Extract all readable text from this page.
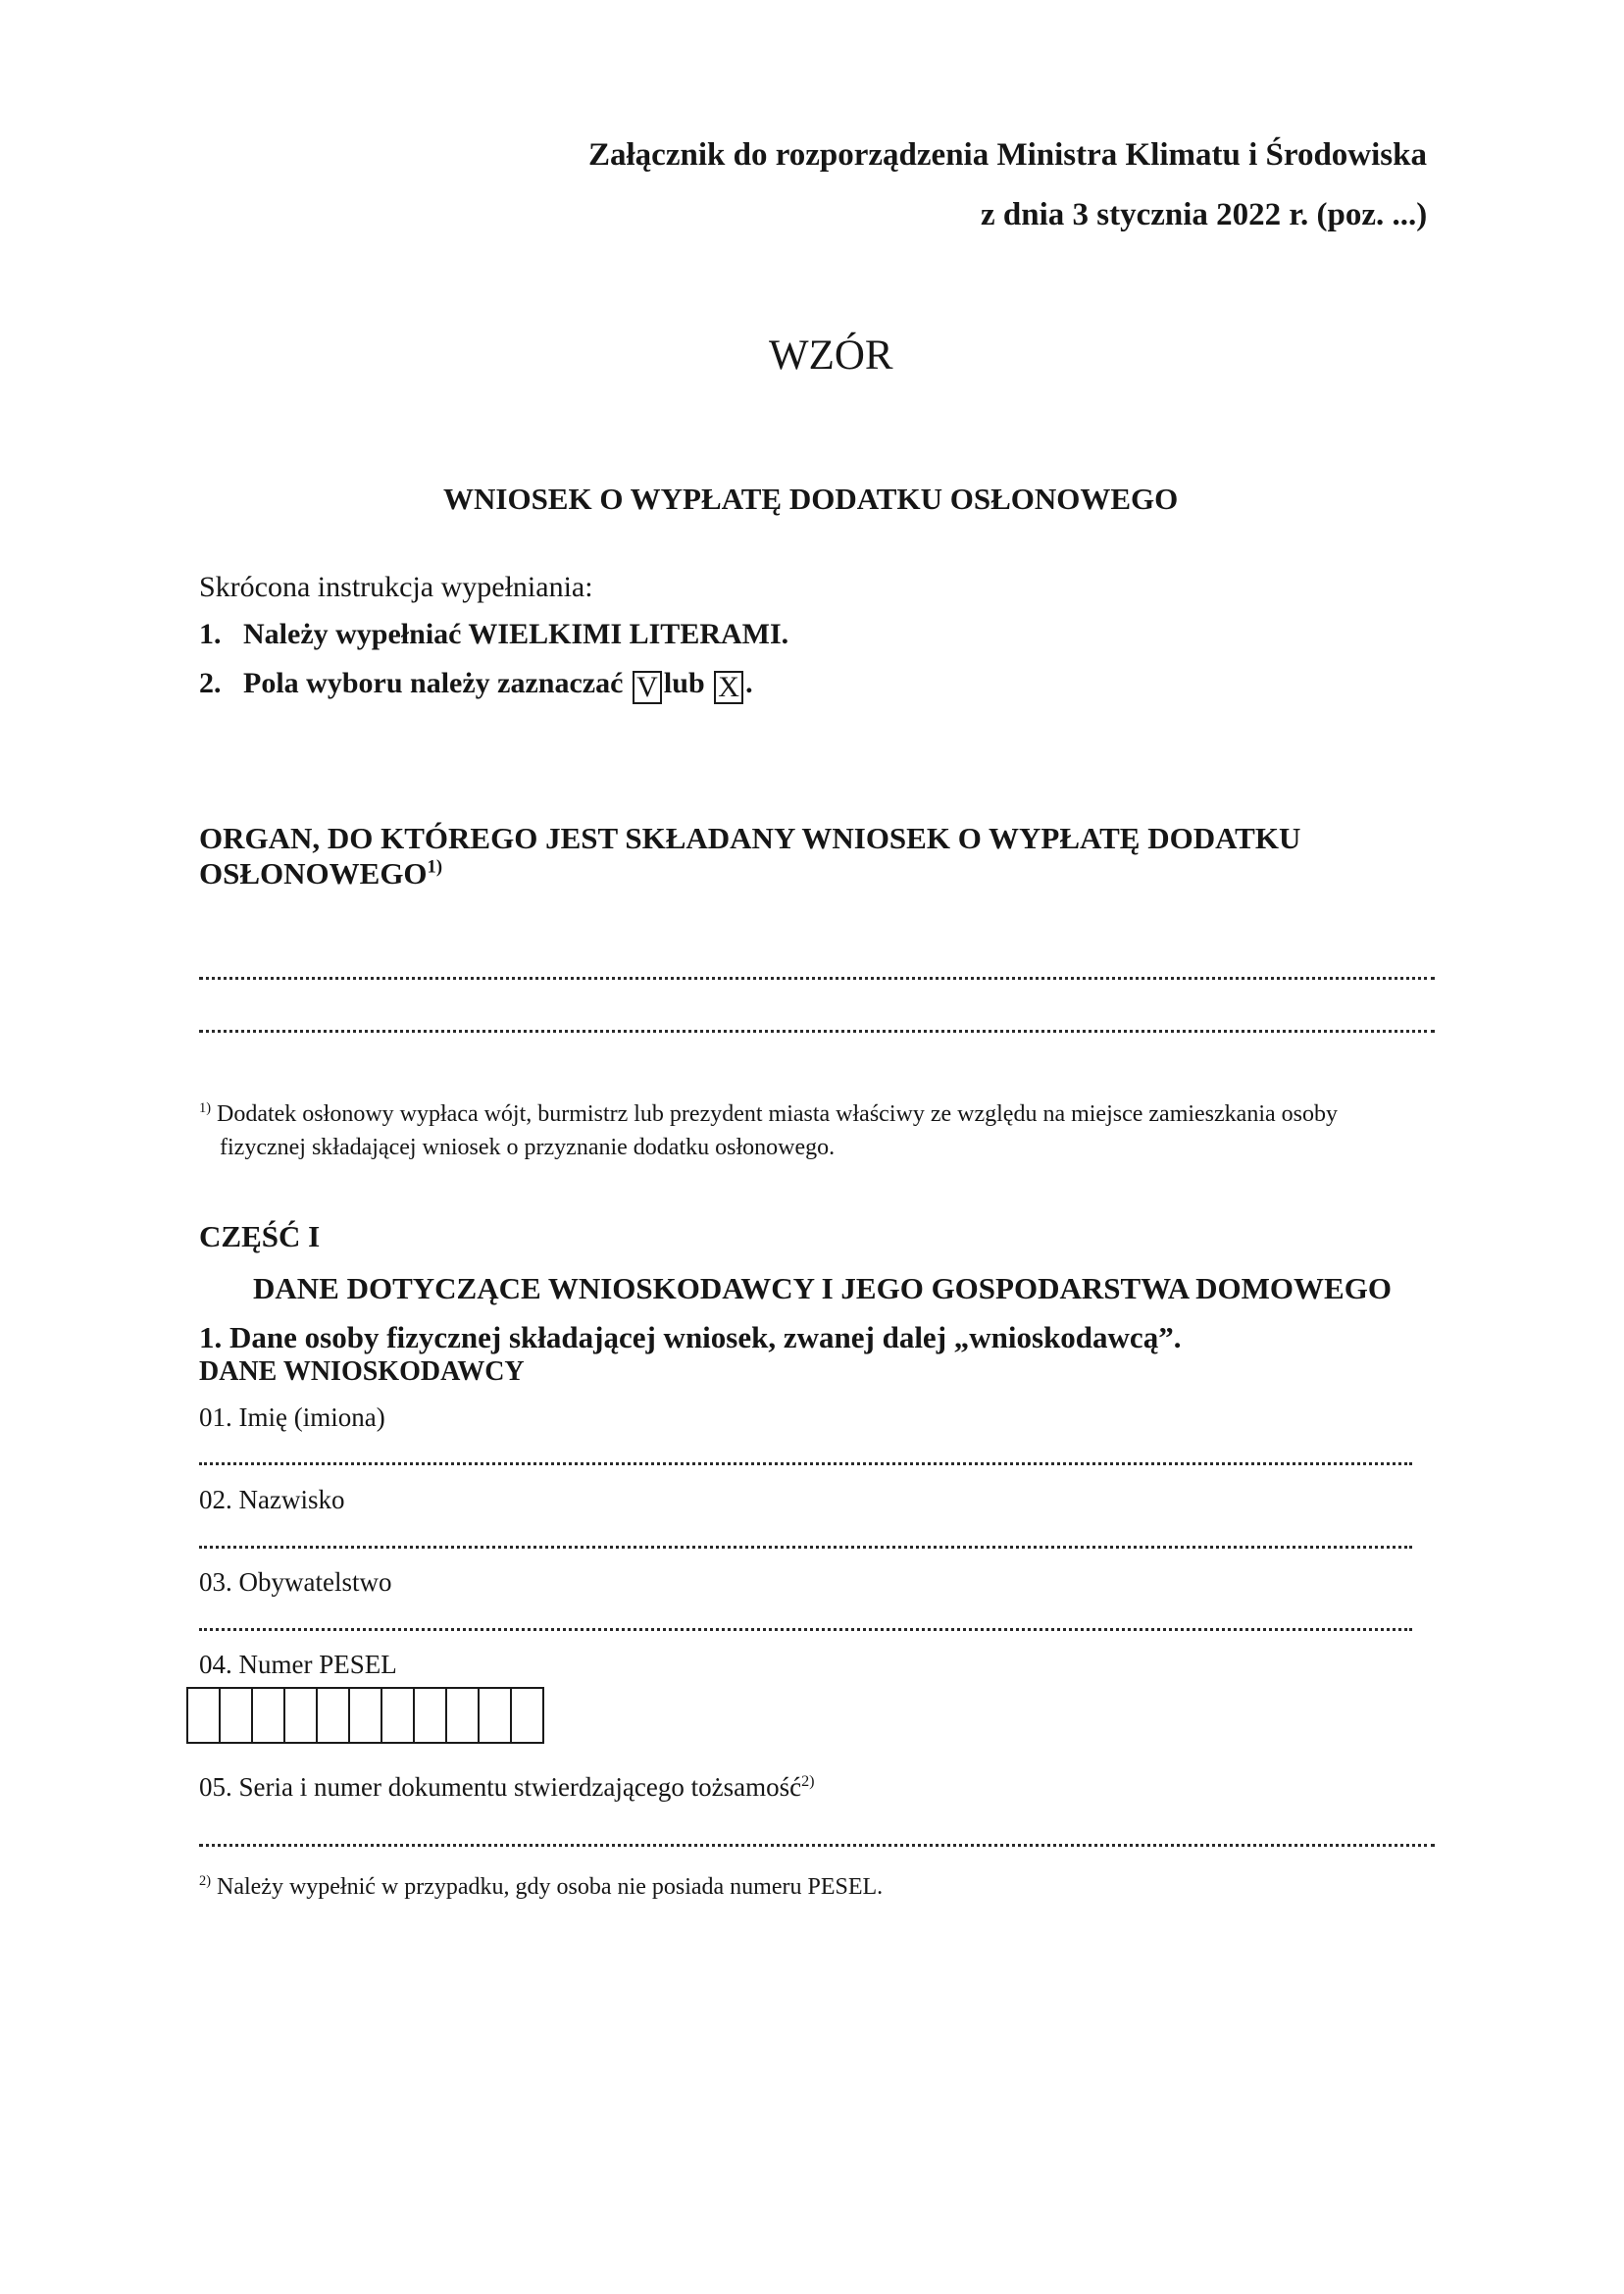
Załącznik do rozporządzenia Ministra Klimatu i Środowiska
z dnia 3 stycznia 2022 r. (poz. ...)
WZÓR
WNIOSEK O WYPŁATĘ DODATKU OSŁONOWEGO
Skrócona instrukcja wypełniania:
1. Należy wypełniać WIELKIMI LITERAMI.
2. Pola wyboru należy zaznaczać V lub X .
ORGAN, DO KTÓREGO JEST SKŁADANY WNIOSEK O WYPŁATĘ DODATKU
OSŁONOWEGO$^{1)}$
$^{1)}$ Dodatek osłonowy wypłaca wójt, burmistrz lub prezydent miasta właściwy ze względu na miejsce zamieszkania osoby
fizycznej składającej wniosek o przyznanie dodatku osłonowego.
CZĘŚĆ I
DANE DOTYCZĄCE WNIOSKODAWCY I JEGO GOSPODARSTWA DOMOWEGO
1. Dane osoby fizycznej składającej wniosek, zwanej dalej „wnioskodawcą”.
DANE WNIOSKODAWCY
01. Imię (imiona)
02. Nazwisko
03. Obywatelstwo
04. Numer PESEL
05. Seria i numer dokumentu stwierdzającego tożsamość$^{2)}$
$^{2)}$ Należy wypełnić w przypadku, gdy osoba nie posiada numeru PESEL.
